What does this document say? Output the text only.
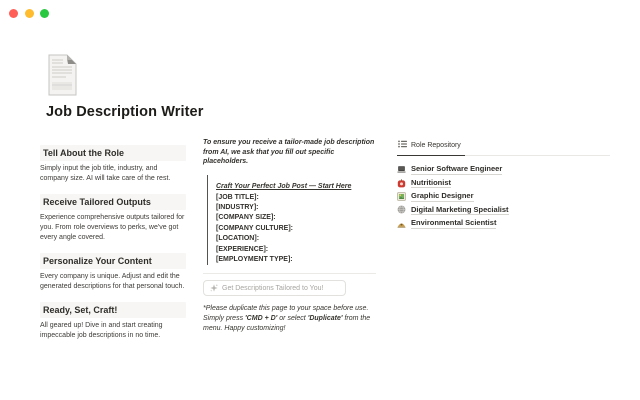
Job Description Writer
Tell About the Role

Simply input the job title, industry, and company size. AI will take care of the rest.

Receive Tailored Outputs

Experience comprehensive outputs tailored for you. From role overviews to perks, we've got every angle covered.

Personalize Your Content

Every company is unique. Adjust and edit the generated descriptions for that personal touch.

Ready, Set, Craft!

All geared up! Dive in and start creating impeccable job descriptions in no time.

To ensure you receive a tailor-made job description from AI, we ask that you fill out specific placeholders.

Craft Your Perfect Job Post — Start Here
[JOB TITLE]:
[INDUSTRY]:
[COMPANY SIZE]:
[COMPANY CULTURE]:
[LOCATION]:
[EXPERIENCE]:
[EMPLOYMENT TYPE]:
Get Descriptions Tailored to You!

*Please duplicate this page to your space before use. Simply press 'CMD + D' or select 'Duplicate' from the menu. Happy customizing!

Role Repository
Senior Software Engineer
Nutritionist
Graphic Designer
Digital Marketing Specialist
Environmental Scientist
